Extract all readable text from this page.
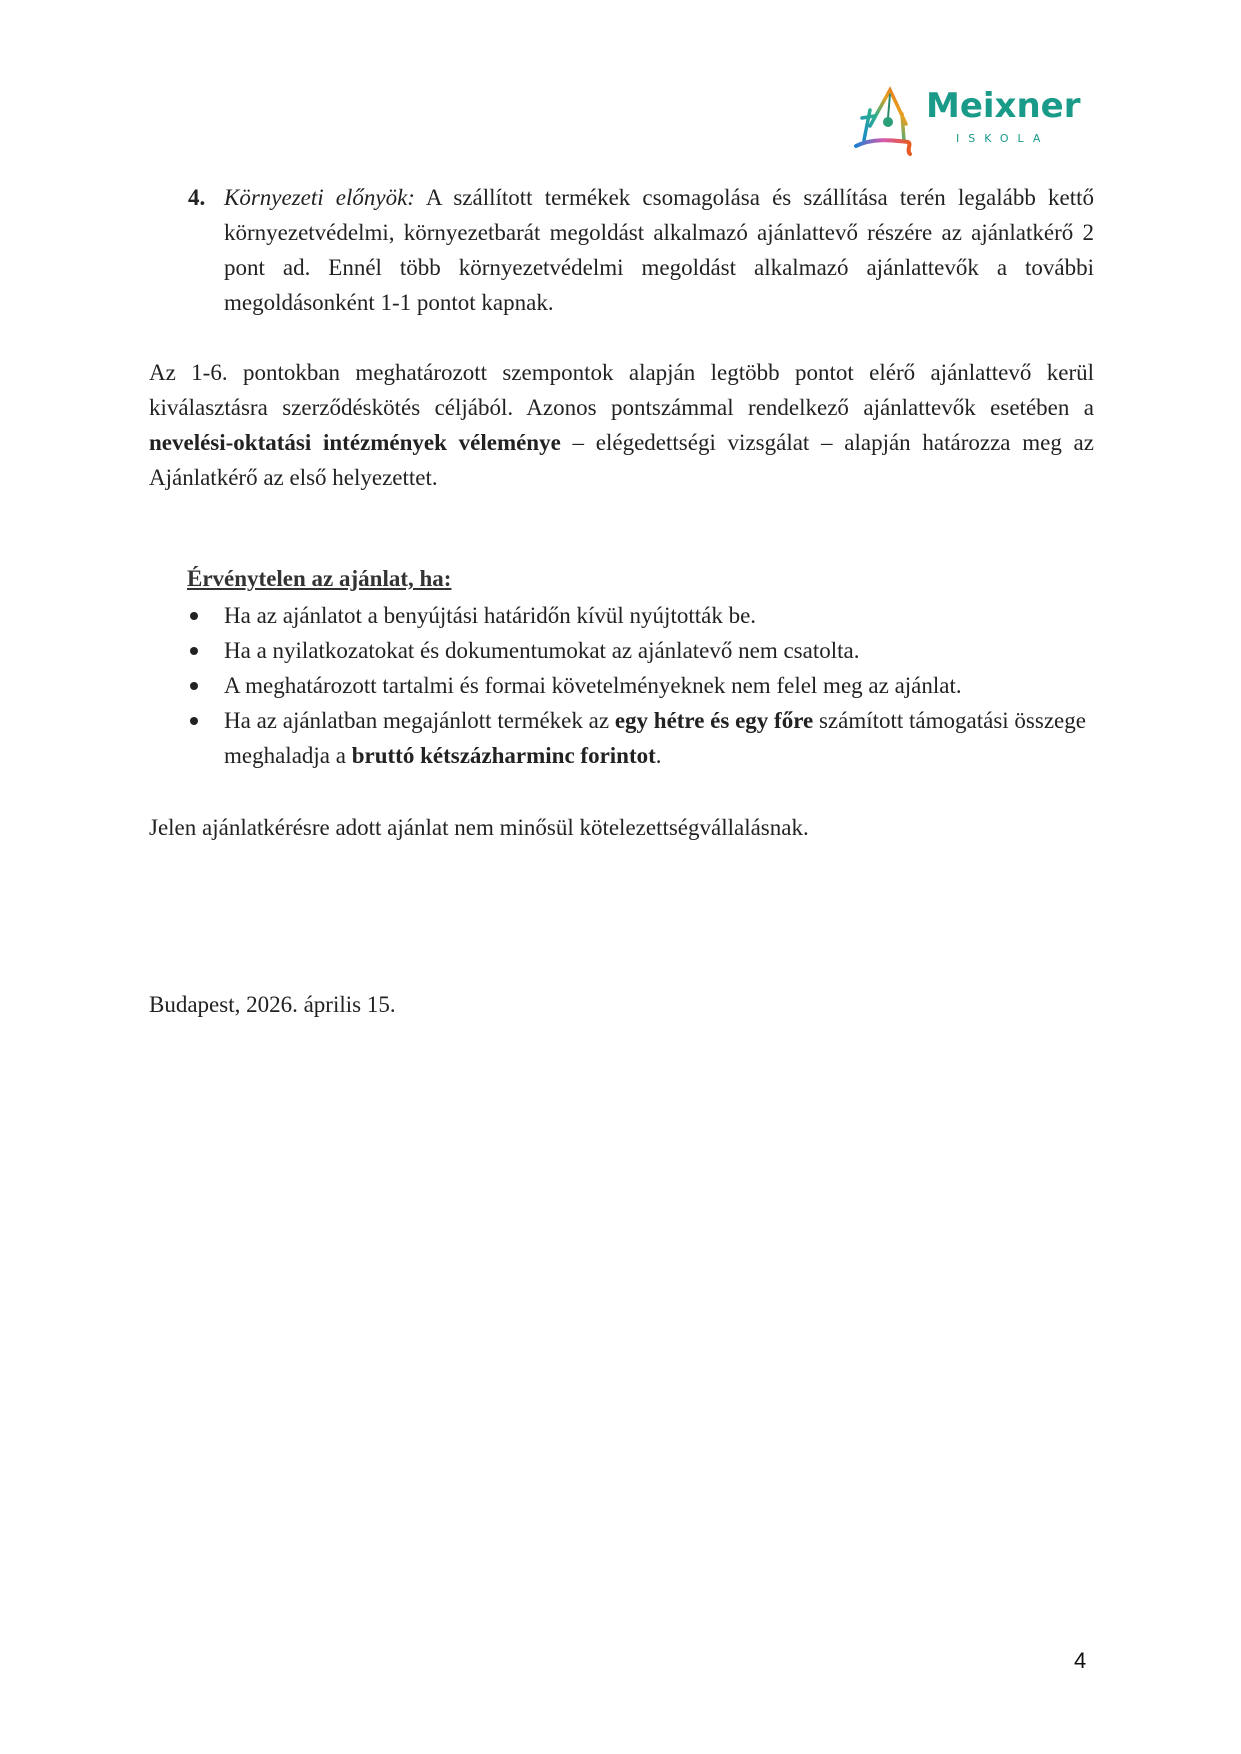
Meixner
ISKOLA
4. Környezeti előnyök: A szállított termékek csomagolása és szállítása terén legalább kettő környezetvédelmi, környezetbarát megoldást alkalmazó ajánlattevő részére az ajánlatkérő 2 pont ad. Ennél több környezetvédelmi megoldást alkalmazó ajánlattevők a további megoldásonként 1-1 pontot kapnak.
Az 1-6. pontokban meghatározott szempontok alapján legtöbb pontot elérő ajánlattevő kerül kiválasztásra szerződéskötés céljából. Azonos pontszámmal rendelkező ajánlattevők esetében a nevelési-oktatási intézmények véleménye – elégedettségi vizsgálat – alapján határozza meg az Ajánlatkérő az első helyezettet.
Érvénytelen az ajánlat, ha:
Ha az ajánlatot a benyújtási határidőn kívül nyújtották be.
Ha a nyilatkozatokat és dokumentumokat az ajánlatevő nem csatolta.
A meghatározott tartalmi és formai követelményeknek nem felel meg az ajánlat.
Ha az ajánlatban megajánlott termékek az egy hétre és egy főre számított támogatási összege meghaladja a bruttó kétszázharminc forintot.
Jelen ajánlatkérésre adott ajánlat nem minősül kötelezettségvállalásnak.
Budapest, 2026. április 15.
4
